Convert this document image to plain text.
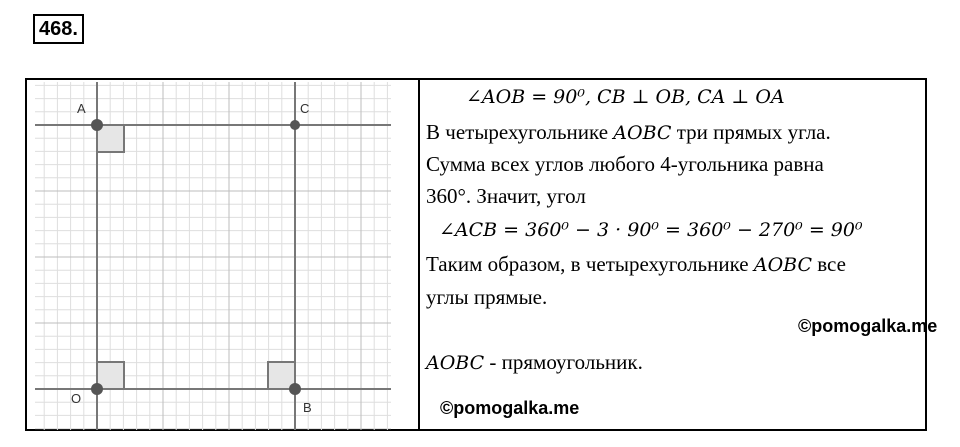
468.
A	C
O
B
∠AOB = 90⁰, CB ⊥ OB, CA ⊥ OA
В четырехугольнике AOBC три прямых угла.
Сумма всех углов любого 4-угольника равна
360°. Значит, угол
∠ACB = 360⁰ − 3 · 90⁰ = 360⁰ − 270⁰ = 90⁰
Таким образом, в четырехугольнике AOBC все
углы прямые.
©pomogalka.me
AOBC - прямоугольник.
©pomogalka.me
